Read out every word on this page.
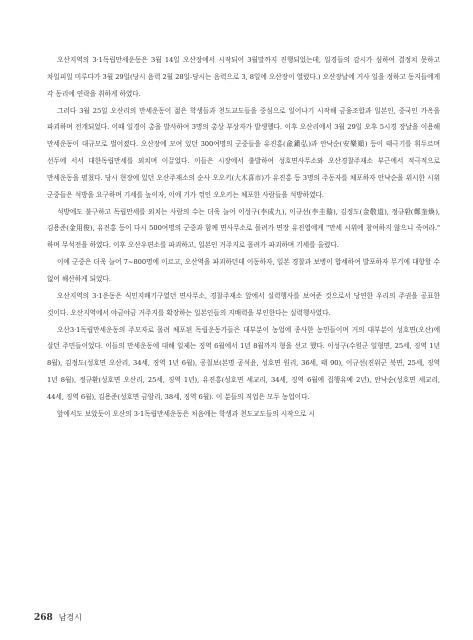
오산지역의 3·1독립만세운동은 3월 14일 오산장에서 시작되어 3월말까지 진행되었는데, 일경들의 감시가 심하여 결정치 못하고 차일피일 미루다가 3월 29일(당시 음력 2월 28일-당시는 음력으로 3, 8일에 오산장이 열렸다.) 오산장날에 거사 일을 정하고 동지들에게 각 동리에 연락을 취하게 하였다.

그러다 3월 25일 오산리의 만세운동이 젊은 학생들과 천도교도들을 중심으로 일어나기 시작해 금융조합과 일본인, 중국인 가옥을 파괴하며 전개되었다. 이때 일경이 총을 발사하여 3명의 총상 부상자가 발생했다. 이후 오산리에서 3월 29일 오후 5시경 장날을 이용해 만세운동이 대규모로 벌어졌다. 오산장에 모여 있던 300여명의 군중들을 유진홍(兪鎭弘)과 안낙순(安樂順) 등이 태극기를 휘두르며 선두에 서서 대한독립만세를 외치며 이끌었다. 이들은 시장에서 출발하여 성호면사무소와 오산경찰주재소 부근에서 적극적으로 만세운동을 펼쳤다. 당시 현장에 있던 오산주재소의 순사 오오키(大木喜市)가 유진홍 등 3명의 주동자를 체포하자 안낙순을 위시한 시위 군중들은 석방을 요구하며 기세를 높이자, 이에 기가 꺾인 오오키는 체포한 사람들을 석방하였다.

석방에도 불구하고 독립만세를 외치는 사람의 수는 더욱 늘어 이성구(李成九), 이규선(李圭璇), 김정도(金敬道), 정규환(鄭奎煥), 김용준(金用俊), 유진홍 등이 다시 500여명의 군중과 함께 면사무소로 몰려가 면장 유진엽에게 "만세 시위에 참여하지 않으니 죽여라." 하며 무석전을 하였다. 이후 오산우편소를 파괴하고, 일본인 거주지로 몰려가 파괴하며 기세를 올렸다.

이에 군중은 더욱 늘어 7~800명에 이르고, 오산역을 파괴하던데 이동하자, 일본 경찰과 보병이 합세하여 발포하자 무기에 대항할 수 없어 해산하게 되었다.

오산지역의 3·1운동은 식민지배기구였던 면사무소, 경찰주재소 앞에서 실력행사를 보여준 것으로서 당연한 우리의 주권을 공표한 것이다. 오산지역에서 야금야금 거주지를 확장하는 일본인들의 지배력을 부인한다는 실력행사였다.

오산3·1독립만세운동의 주모자로 몰려 체포된 독립운동가들은 대부분이 농업에 종사한 농민들이며 거의 대부분이 성호면(오산)에 살던 주민들이었다. 이들의 만세운동에 대해 일제는 징역 6월에서 1년 8월까지 형을 선고 했다. 이성구(수원군 일형면, 25세, 징역 1년 8월), 김정도(성호면 오산리, 34세, 징역 1년 6월), 공칠보(본명 공석윤, 성호면 원리, 36세, 태 90), 이규선(진위군 북면, 25세, 징역 1년 8월), 정규환(성호면 오산리, 25세, 징역 1년), 유진홍(성호면 세교리, 34세, 징역 6월에 집행유예 2년), 안낙순(성호면 세교리, 44세, 징역 6월), 김용준(성호면 금암리, 38세, 징역 6월). 이 분들의 직업은 모두 농업이다.

앞에서도 보았듯이 오산의 3·1독립만세운동은 처음에는 학생과 천도교도들의 시작으로 시

268 남경시
